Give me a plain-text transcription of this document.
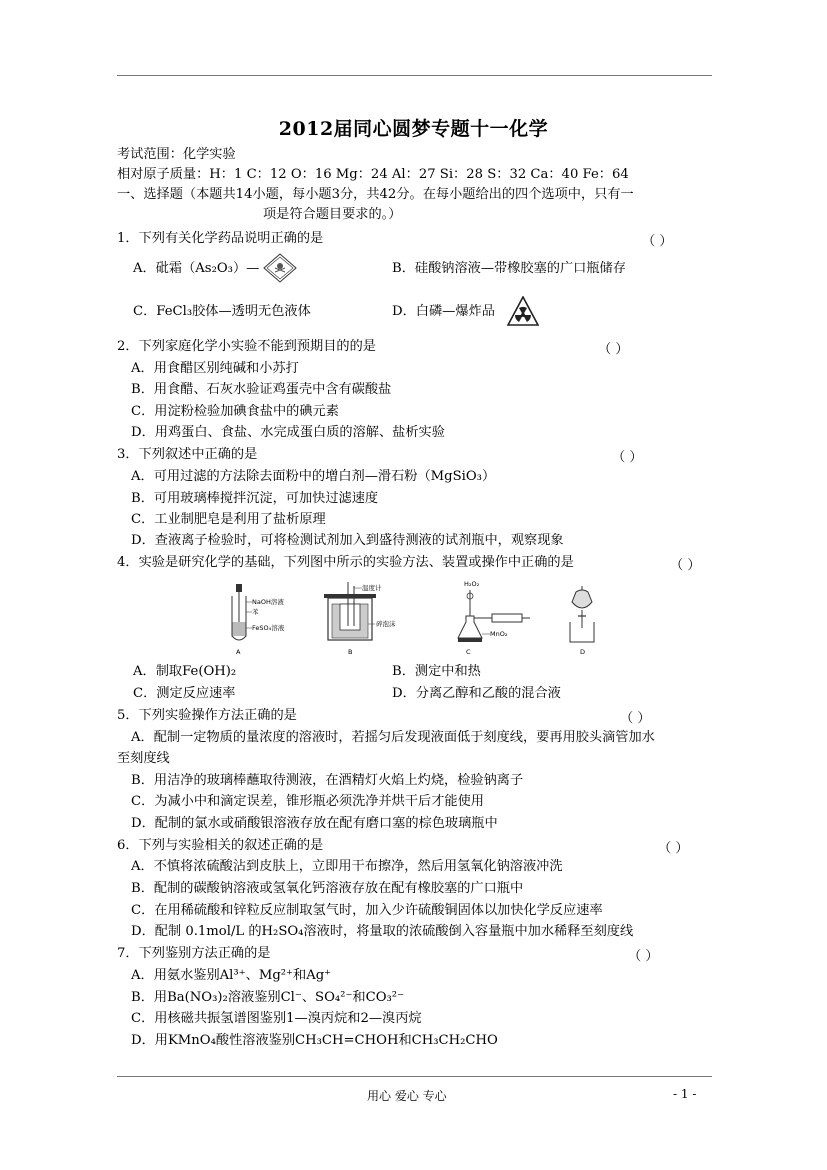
2012届同心圆梦专题十一化学
考试范围：化学实验
相对原子质量：H：1 C：12 O：16 Mg：24 Al：27 Si：28 S：32 Ca：40 Fe：64
一、选择题（本题共14小题，每小题3分，共42分。在每小题给出的四个选项中，只有一
项是符合题目要求的。）
1．下列有关化学药品说明正确的是	（ ）
A．砒霜（As₂O₃）—	B．硅酸钠溶液—带橡胶塞的广口瓶储存
C．FeCl₃胶体—透明无色液体	D．白磷—爆炸品
2．下列家庭化学小实验不能到预期目的的是	（ ）
A．用食醋区别纯碱和小苏打
B．用食醋、石灰水验证鸡蛋壳中含有碳酸盐
C．用淀粉检验加碘食盐中的碘元素
D．用鸡蛋白、食盐、水完成蛋白质的溶解、盐析实验
3．下列叙述中正确的是	（ ）
A．可用过滤的方法除去面粉中的增白剂—滑石粉（MgSiO₃）
B．可用玻璃棒搅拌沉淀，可加快过滤速度
C．工业制肥皂是利用了盐析原理
D．查液离子检验时，可将检测试剂加入到盛待测液的试剂瓶中，观察现象
4．实验是研究化学的基础，下列图中所示的实验方法、装置或操作中正确的是	（ ）
NaOH溶液
苯
FeSO₄溶液
A
温度计
碎泡沫
B
H₂O₂
MnO₂
C	D
A．制取Fe(OH)₂	B．测定中和热
C．测定反应速率	D．分离乙醇和乙酸的混合液
5．下列实验操作方法正确的是	（ ）
A．配制一定物质的量浓度的溶液时，若摇匀后发现液面低于刻度线，要再用胶头滴管加水
至刻度线
B．用洁净的玻璃棒蘸取待测液，在酒精灯火焰上灼烧，检验钠离子
C．为减小中和滴定误差，锥形瓶必须洗净并烘干后才能使用
D．配制的氯水或硝酸银溶液存放在配有磨口塞的棕色玻璃瓶中
6．下列与实验相关的叙述正确的是	（ ）
A．不慎将浓硫酸沾到皮肤上，立即用干布擦净，然后用氢氧化钠溶液冲洗
B．配制的碳酸钠溶液或氢氧化钙溶液存放在配有橡胶塞的广口瓶中
C．在用稀硫酸和锌粒反应制取氢气时，加入少许硫酸铜固体以加快化学反应速率
D．配制 0.1mol/L 的H₂SO₄溶液时，将量取的浓硫酸倒入容量瓶中加水稀释至刻度线
7．下列鉴别方法正确的是	（ ）
A．用氨水鉴别Al³⁺、Mg²⁺和Ag⁺
B．用Ba(NO₃)₂溶液鉴别Cl⁻、SO₄²⁻和CO₃²⁻
C．用核磁共振氢谱图鉴别1—溴丙烷和2—溴丙烷
D．用KMnO₄酸性溶液鉴别CH₃CH=CHOH和CH₃CH₂CHO
用心 爱心 专心	- 1 -
